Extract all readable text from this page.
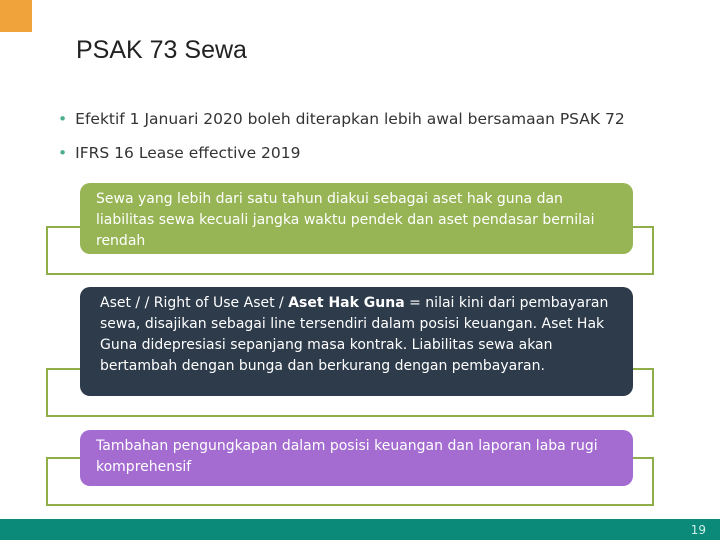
PSAK 73 Sewa
• Efektif 1 Januari 2020 boleh diterapkan lebih awal bersamaan PSAK 72
• IFRS 16 Lease effective 2019
Sewa yang lebih dari satu tahun diakui sebagai aset hak guna dan liabilitas sewa kecuali jangka waktu pendek dan aset pendasar bernilai rendah
Aset / / Right of Use Aset / Aset Hak Guna = nilai kini dari pembayaran sewa, disajikan sebagai line tersendiri dalam posisi keuangan. Aset Hak Guna didepresiasi sepanjang masa kontrak. Liabilitas sewa akan bertambah dengan bunga dan berkurang dengan pembayaran.
Tambahan pengungkapan dalam posisi keuangan dan laporan laba rugi komprehensif
19
